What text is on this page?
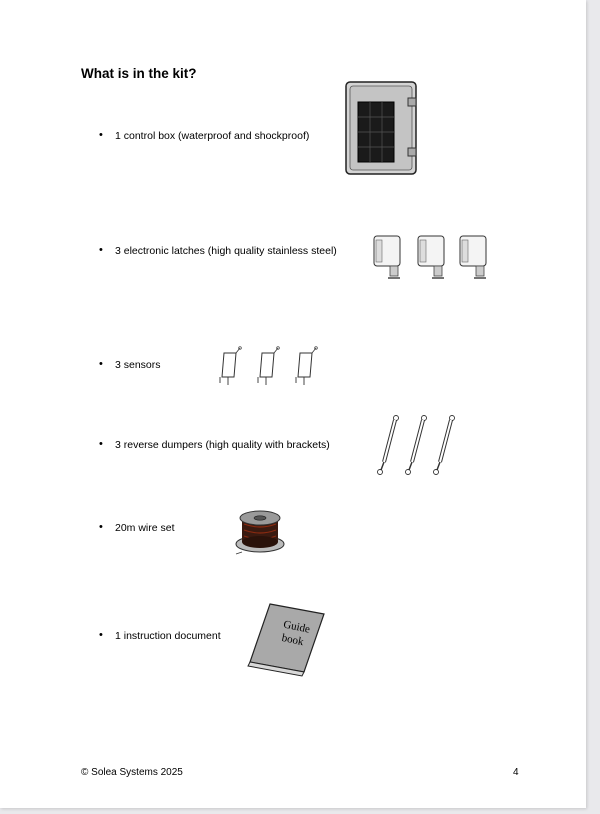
What is in the kit?
• 1 control box (waterproof and shockproof)
• 3 electronic latches (high quality stainless steel)
• 3 sensors
• 3 reverse dumpers (high quality with brackets)
• 20m wire set
• 1 instruction document
Guide
book
© Solea Systems 2025	4
